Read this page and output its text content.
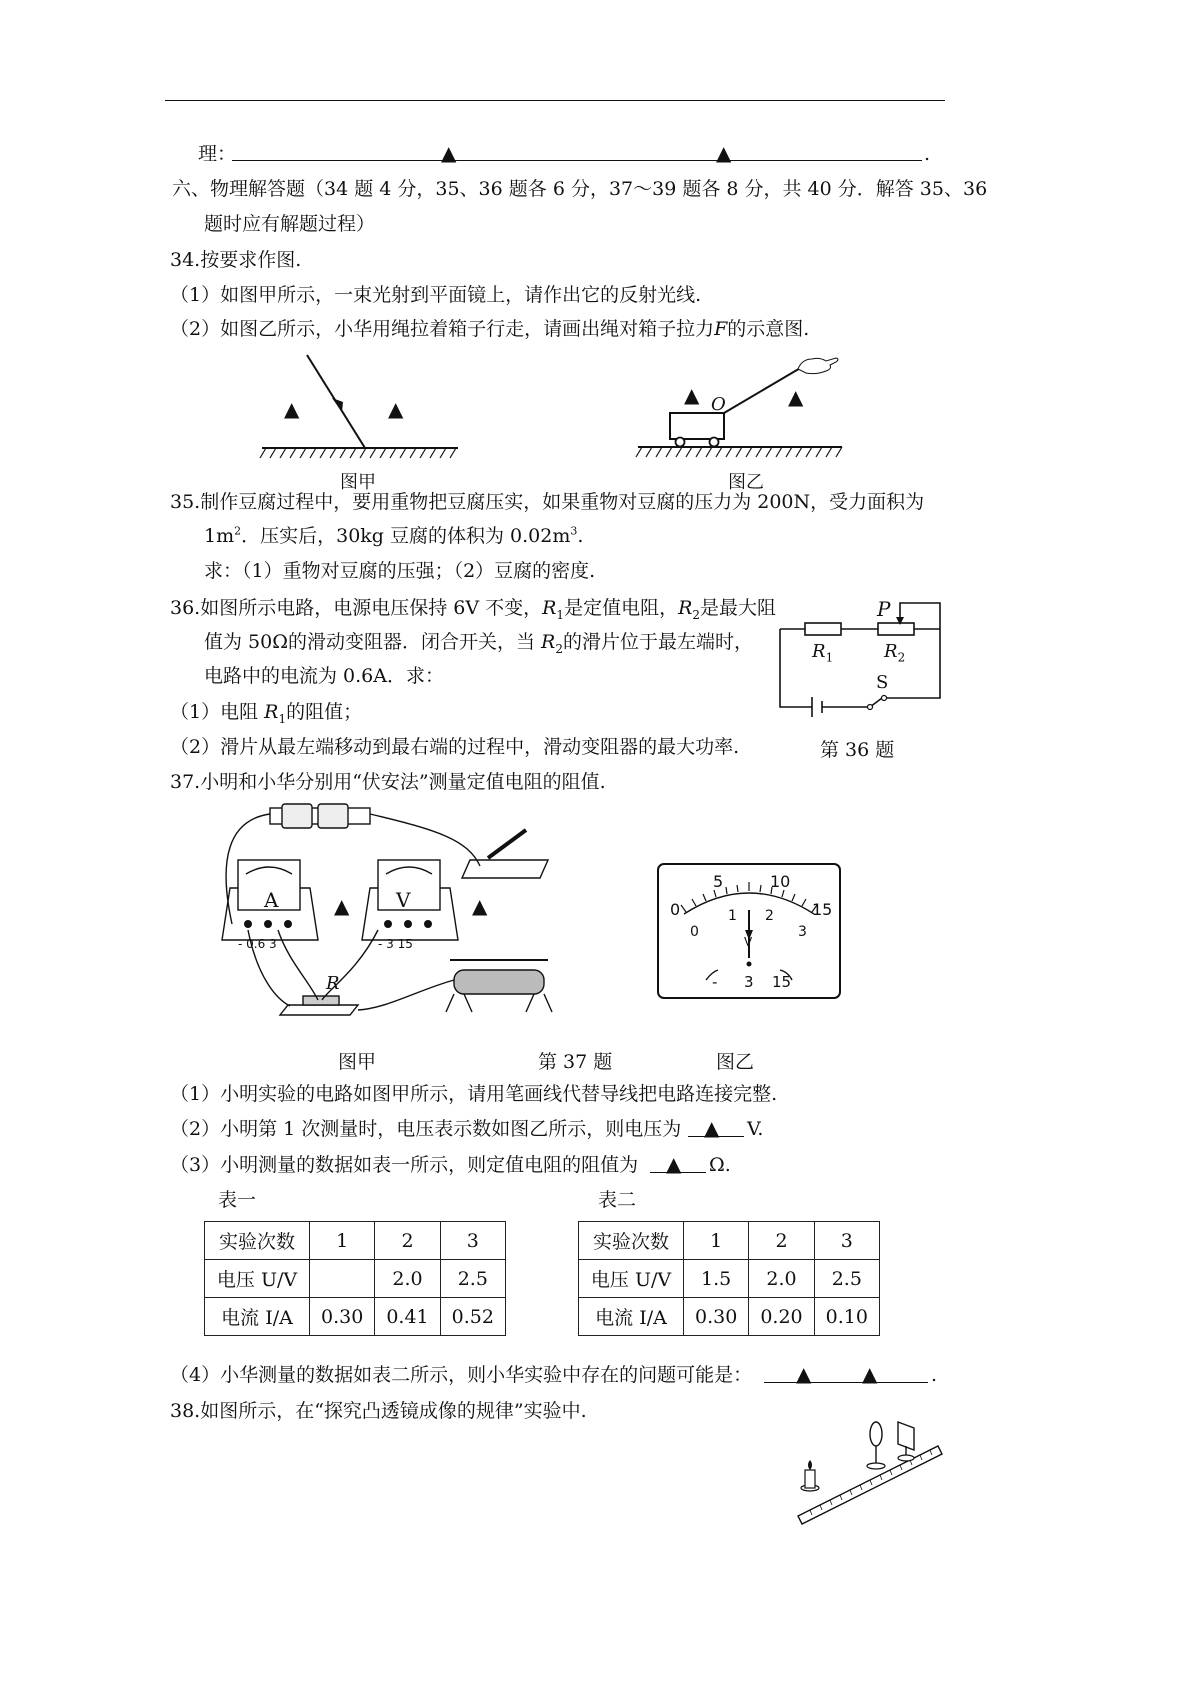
理：	▲	▲	.
六、物理解答题（34 题 4 分，35、36 题各 6 分，37～39 题各 8 分，共 40 分．解答 35、36
题时应有解题过程）
34.按要求作图.
（1）如图甲所示，一束光射到平面镜上，请作出它的反射光线.
（2）如图乙所示，小华用绳拉着箱子行走，请画出绳对箱子拉力F的示意图.
▲	▲
图甲
O
▲	▲
图乙
35.制作豆腐过程中，要用重物把豆腐压实，如果重物对豆腐的压力为 200N，受力面积为
$1m^2$．压实后，30kg 豆腐的体积为 $0.02m^3$.
求：（1）重物对豆腐的压强；（2）豆腐的密度.
36.如图所示电路，电源电压保持 6V 不变，$R_1$是定值电阻，$R_2$是最大阻
值为 50Ω的滑动变阻器．闭合开关，当 $R_2$的滑片位于最左端时，
电路中的电流为 0.6A．求：
（1）电阻 $R_1$的阻值；
（2）滑片从最左端移动到最右端的过程中，滑动变阻器的最大功率.	第 36 题
P
$R_1$	$R_2$
S
37.小明和小华分别用“伏安法”测量定值电阻的阻值.
A	V
- 0.6 3	- 3 15
R
▲	▲	0
5	10
15
0
1 2
3
V
- 3 15
图甲	第 37 题	图乙
（1）小明实验的电路如图甲所示，请用笔画线代替导线把电路连接完整.
（2）小明第 1 次测量时，电压表示数如图乙所示，则电压为 ▲ V.
（3）小明测量的数据如表一所示，则定值电阻的阻值为 ▲ Ω.
表一	表二
实验次数	1	2	3
电压 U/V		2.0	2.5
电流 I/A	0.30	0.41	0.52
实验次数	1	2	3
电压 U/V	1.5	2.0	2.5
电流 I/A	0.30	0.20	0.10
（4）小华测量的数据如表二所示，则小华实验中存在的问题可能是： ▲	▲	.
38.如图所示，在“探究凸透镜成像的规律”实验中.
